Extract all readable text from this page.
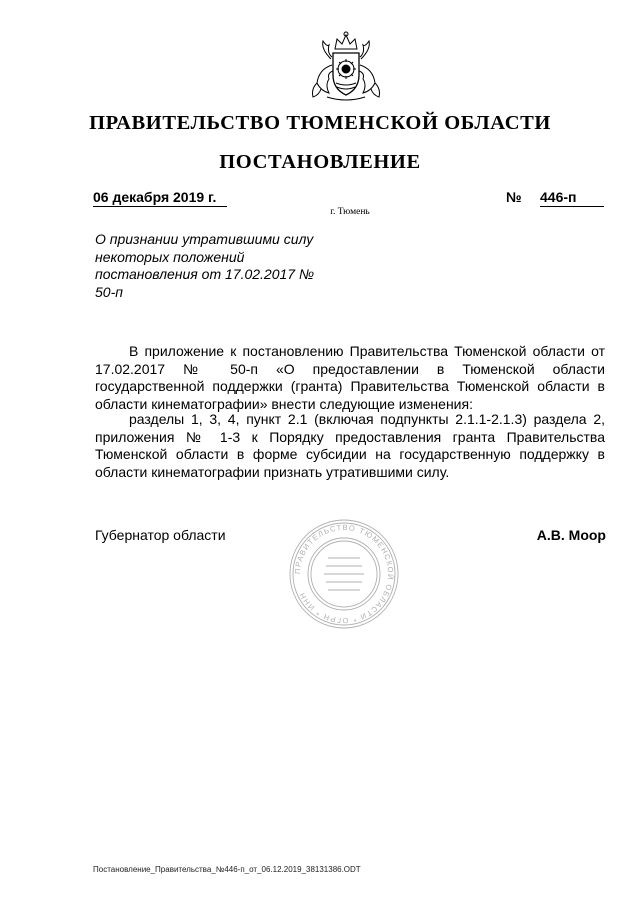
ПРАВИТЕЛЬСТВО ТЮМЕНСКОЙ ОБЛАСТИ
ПОСТАНОВЛЕНИЕ
06 декабря 2019 г.	№ 446-п
г. Тюмень
О признании утратившими силу некоторых положений постановления от 17.02.2017 № 50-п
В приложение к постановлению Правительства Тюменской области от 17.02.2017 № 50-п «О предоставлении в Тюменской области государственной поддержки (гранта) Правительства Тюменской области в области кинематографии» внести следующие изменения:
разделы 1, 3, 4, пункт 2.1 (включая подпункты 2.1.1-2.1.3) раздела 2, приложения № 1-3 к Порядку предоставления гранта Правительства Тюменской области в форме субсидии на государственную поддержку в области кинематографии признать утратившими силу.
ПРАВИТЕЛЬСТВО ТЮМЕНСКОЙ ОБЛАСТИ * ОГРН * ИНН
Губернатор области	А.В. Моор
Постановление_Правительства_№446-п_от_06.12.2019_38131386.ODT
